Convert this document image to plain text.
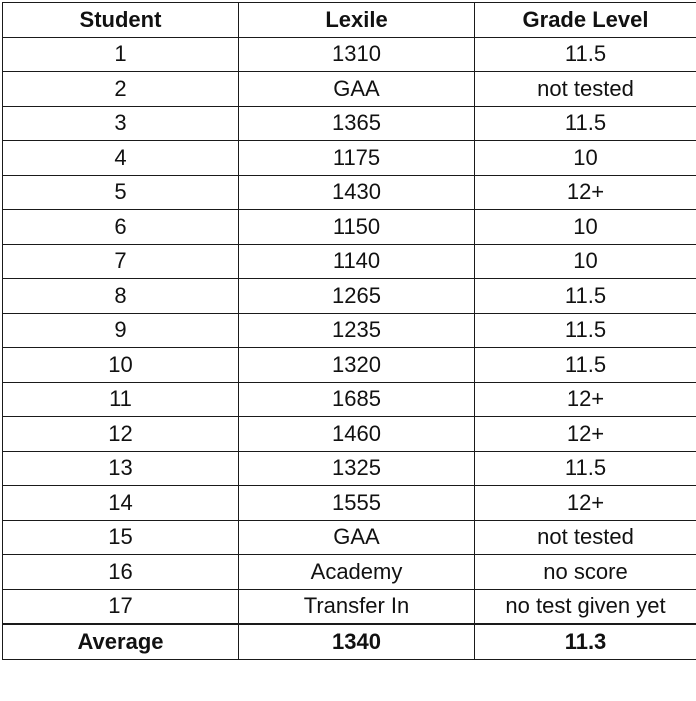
Student	Lexile	Grade Level
1	1310	11.5
2	GAA	not tested
3	1365	11.5
4	1175	10
5	1430	12+
6	1150	10
7	1140	10
8	1265	11.5
9	1235	11.5
10	1320	11.5
11	1685	12+
12	1460	12+
13	1325	11.5
14	1555	12+
15	GAA	not tested
16	Academy	no score
17	Transfer In	no test given yet
Average	1340	11.3
